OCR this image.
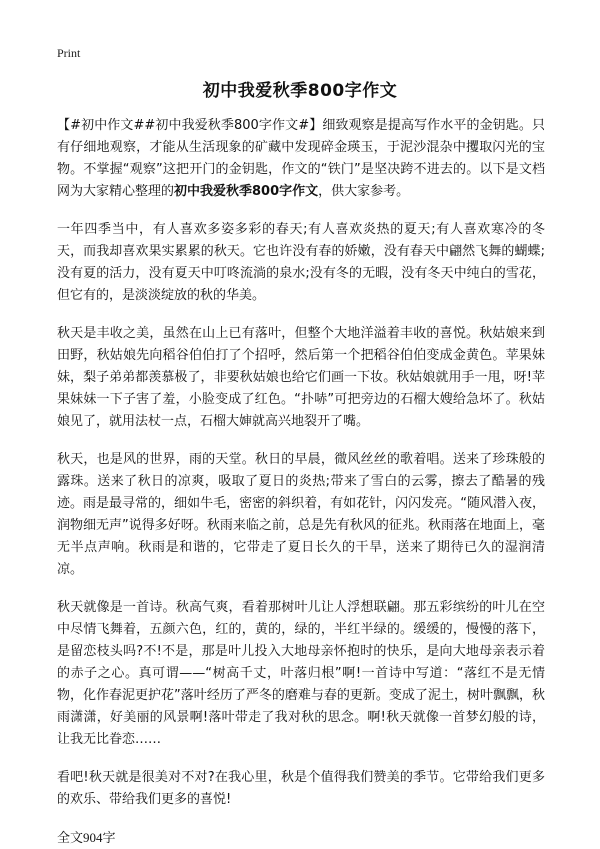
Print
初中我爱秋季800字作文

【#初中作文##初中我爱秋季800字作文#】细致观察是提高写作水平的金钥匙。只有仔细地观察，才能从生活现象的矿藏中发现碎金瑛玉，于泥沙混杂中攫取闪光的宝物。不掌握“观察”这把开门的金钥匙，作文的“铁门”是坚决跨不进去的。以下是文档网为大家精心整理的初中我爱秋季800字作文，供大家参考。

一年四季当中，有人喜欢多姿多彩的春天;有人喜欢炎热的夏天;有人喜欢寒冷的冬天，而我却喜欢果实累累的秋天。它也许没有春的娇嫩，没有春天中翩然飞舞的蝴蝶;没有夏的活力，没有夏天中叮咚流淌的泉水;没有冬的无暇，没有冬天中纯白的雪花，但它有的，是淡淡绽放的秋的华美。

秋天是丰收之美，虽然在山上已有落叶，但整个大地洋溢着丰收的喜悦。秋姑娘来到田野，秋姑娘先向稻谷伯伯打了个招呼，然后第一个把稻谷伯伯变成金黄色。苹果妹妹，梨子弟弟都羡慕极了，非要秋姑娘也给它们画一下妆。秋姑娘就用手一甩，呀!苹果妹妹一下子害了羞，小脸变成了红色。“扑哧”可把旁边的石榴大嫂给急坏了。秋姑娘见了，就用法杖一点，石榴大婶就高兴地裂开了嘴。

秋天，也是风的世界，雨的天堂。秋日的早晨，微风丝丝的歌着唱。送来了珍珠般的露珠。送来了秋日的凉爽，吸取了夏日的炎热;带来了雪白的云雾，擦去了酷暑的残迹。雨是最寻常的，细如牛毛，密密的斜织着，有如花针，闪闪发亮。“随风潜入夜，润物细无声”说得多好呀。秋雨来临之前，总是先有秋风的征兆。秋雨落在地面上，毫无半点声响。秋雨是和谐的，它带走了夏日长久的干旱，送来了期待已久的湿润清凉。

秋天就像是一首诗。秋高气爽，看着那树叶儿让人浮想联翩。那五彩缤纷的叶儿在空中尽情飞舞着，五颜六色，红的，黄的，绿的，半红半绿的。缓缓的，慢慢的落下，是留恋枝头吗?不!不是，那是叶儿投入大地母亲怀抱时的快乐，是向大地母亲表示着的赤子之心。真可谓——“树高千丈，叶落归根”啊!一首诗中写道：“落红不是无情物，化作春泥更护花”落叶经历了严冬的磨难与春的更新。变成了泥土，树叶飘飘，秋雨潇潇，好美丽的风景啊!落叶带走了我对秋的思念。啊!秋天就像一首梦幻般的诗，让我无比眷恋……

看吧!秋天就是很美对不对?在我心里，秋是个值得我们赞美的季节。它带给我们更多的欢乐、带给我们更多的喜悦!

全文904字
